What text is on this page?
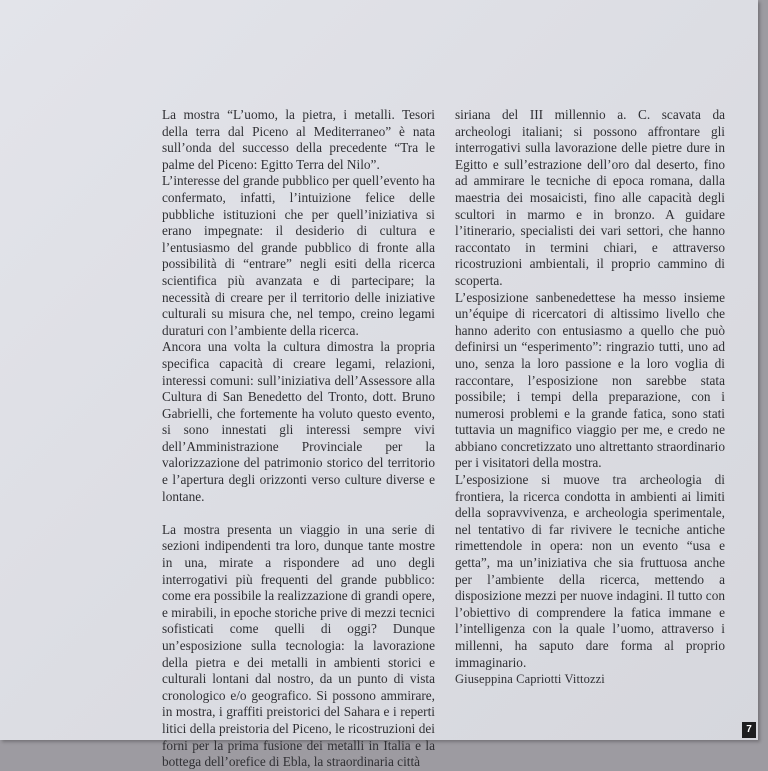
La mostra “L’uomo, la pietra, i metalli. Tesori della terra dal Piceno al Mediterraneo” è nata sull’onda del successo della precedente “Tra le palme del Piceno: Egitto Terra del Nilo”.

L’interesse del grande pubblico per quell’evento ha confermato, infatti, l’intuizione felice delle pubbliche istituzioni che per quell’iniziativa si erano impegnate: il desiderio di cultura e l’entusiasmo del grande pubblico di fronte alla possibilità di “entrare” negli esiti della ricerca scientifica più avanzata e di partecipare; la necessità di creare per il territorio delle iniziative culturali su misura che, nel tempo, creino legami duraturi con l’ambiente della ricerca.

Ancora una volta la cultura dimostra la propria specifica capacità di creare legami, relazioni, interessi comuni: sull’iniziativa dell’Assessore alla Cultura di San Benedetto del Tronto, dott. Bruno Gabrielli, che fortemente ha voluto questo evento, si sono innestati gli interessi sempre vivi dell’Amministrazione Provinciale per la valorizzazione del patrimonio storico del territorio e l’apertura degli orizzonti verso culture diverse e lontane.

La mostra presenta un viaggio in una serie di sezioni indipendenti tra loro, dunque tante mostre in una, mirate a rispondere ad uno degli interrogativi più frequenti del grande pubblico: come era possibile la realizzazione di grandi opere, e mirabili, in epoche storiche prive di mezzi tecnici sofisticati come quelli di oggi? Dunque un’esposizione sulla tecnologia: la lavorazione della pietra e dei metalli in ambienti storici e culturali lontani dal nostro, da un punto di vista cronologico e/o geografico. Si possono ammirare, in mostra, i graffiti preistorici del Sahara e i reperti litici della preistoria del Piceno, le ricostruzioni dei forni per la prima fusione dei metalli in Italia e la bottega dell’orefice di Ebla, la straordinaria città

siriana del III millennio a. C. scavata da archeologi italiani; si possono affrontare gli interrogativi sulla lavorazione delle pietre dure in Egitto e sull’estrazione dell’oro dal deserto, fino ad ammirare le tecniche di epoca romana, dalla maestria dei mosaicisti, fino alle capacità degli scultori in marmo e in bronzo. A guidare l’itinerario, specialisti dei vari settori, che hanno raccontato in termini chiari, e attraverso ricostruzioni ambientali, il proprio cammino di scoperta.

L’esposizione sanbenedettese ha messo insieme un’équipe di ricercatori di altissimo livello che hanno aderito con entusiasmo a quello che può definirsi un “esperimento”: ringrazio tutti, uno ad uno, senza la loro passione e la loro voglia di raccontare, l’esposizione non sarebbe stata possibile; i tempi della preparazione, con i numerosi problemi e la grande fatica, sono stati tuttavia un magnifico viaggio per me, e credo ne abbiano concretizzato uno altrettanto straordinario per i visitatori della mostra.

L’esposizione si muove tra archeologia di frontiera, la ricerca condotta in ambienti ai limiti della sopravvivenza, e archeologia sperimentale, nel tentativo di far rivivere le tecniche antiche rimettendole in opera: non un evento “usa e getta”, ma un’iniziativa che sia fruttuosa anche per l’ambiente della ricerca, mettendo a disposizione mezzi per nuove indagini. Il tutto con l’obiettivo di comprendere la fatica immane e l’intelligenza con la quale l’uomo, attraverso i millenni, ha saputo dare forma al proprio immaginario.

Giuseppina Capriotti Vittozzi

7
